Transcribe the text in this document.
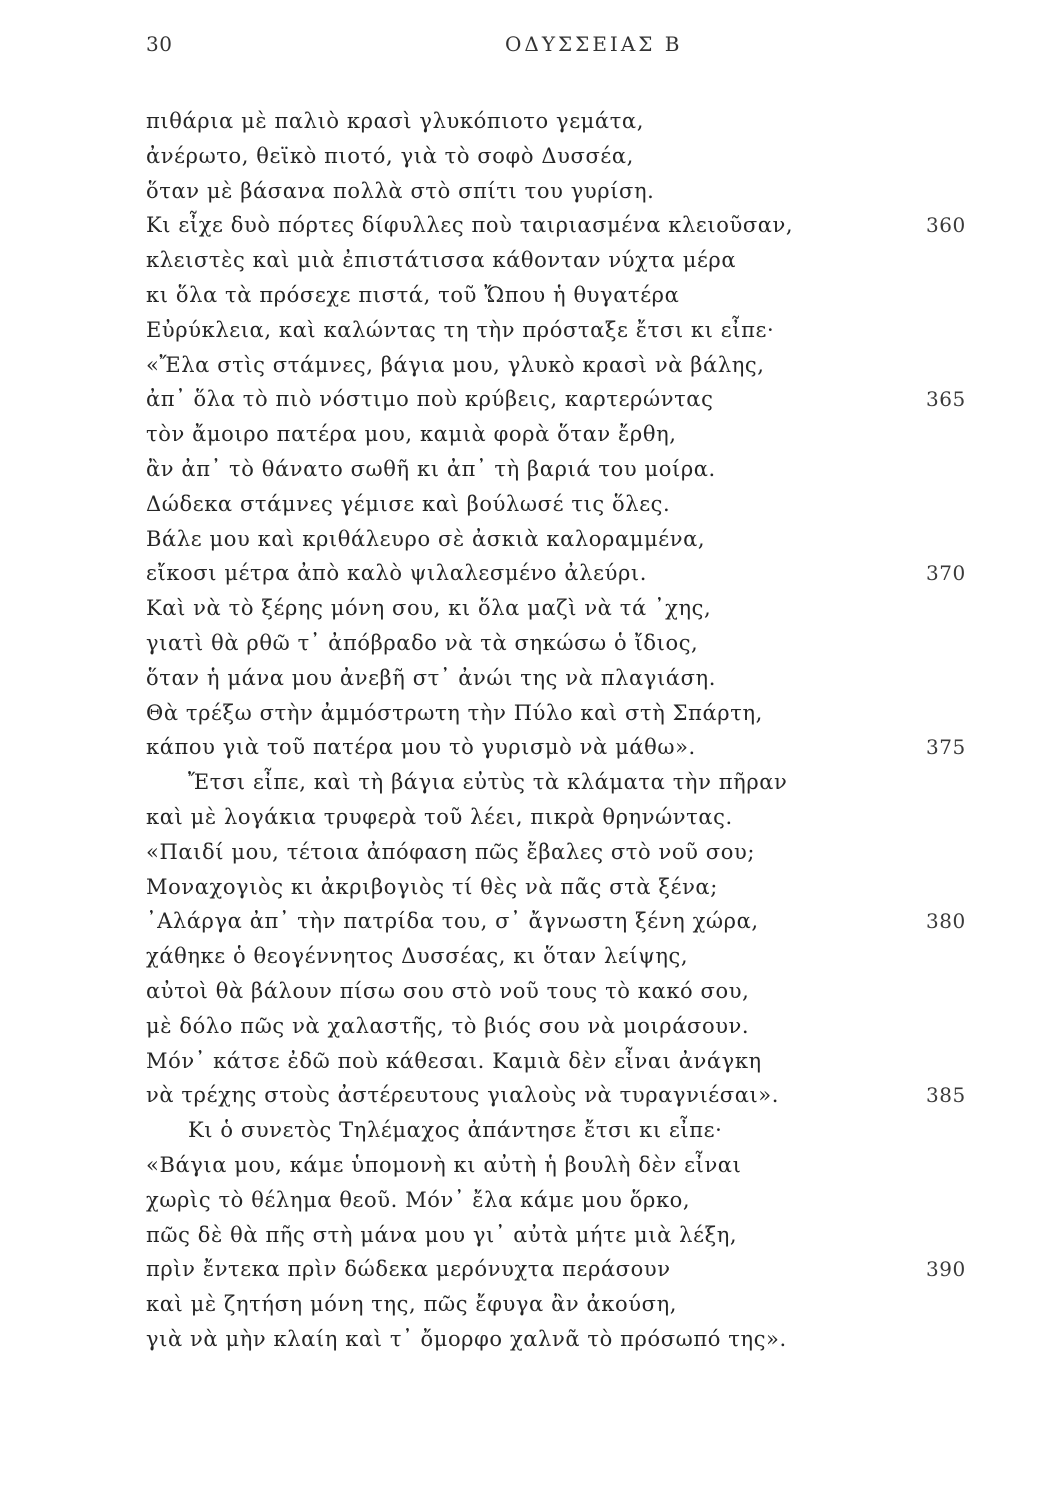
30	ΟΔΥΣΣΕΙΑΣ Β
πιθάρια μὲ παλιὸ κρασὶ γλυκόπιοτο γεμάτα,
ἀνέρωτο, θεϊκὸ πιοτό, γιὰ τὸ σοφὸ Δυσσέα,
ὅταν μὲ βάσανα πολλὰ στὸ σπίτι του γυρίση.
Κι εἶχε δυὸ πόρτες δίφυλλες ποὺ ταιριασμένα κλειοῦσαν,	360
κλειστὲς καὶ μιὰ ἐπιστάτισσα κάθονταν νύχτα μέρα
κι ὅλα τὰ πρόσεχε πιστά, τοῦ Ὤπου ἡ θυγατέρα
Εὐρύκλεια, καὶ καλώντας τη τὴν πρόσταξε ἔτσι κι εἶπε·
«Ἔλα στὶς στάμνες, βάγια μου, γλυκὸ κρασὶ νὰ βάλης,
ἀπ᾽ ὅλα τὸ πιὸ νόστιμο ποὺ κρύβεις, καρτερώντας	365
τὸν ἄμοιρο πατέρα μου, καμιὰ φορὰ ὅταν ἔρθη,
ἂν ἀπ᾽ τὸ θάνατο σωθῆ κι ἀπ᾽ τὴ βαριά του μοίρα.
Δώδεκα στάμνες γέμισε καὶ βούλωσέ τις ὅλες.
Βάλε μου καὶ κριθάλευρο σὲ ἀσκιὰ καλοραμμένα,
εἴκοσι μέτρα ἀπὸ καλὸ ψιλαλεσμένο ἀλεύρι.	370
Καὶ νὰ τὸ ξέρης μόνη σου, κι ὅλα μαζὶ νὰ τά ᾽χης,
γιατὶ θὰ ρθῶ τ᾽ ἀπόβραδο νὰ τὰ σηκώσω ὁ ἴδιος,
ὅταν ἡ μάνα μου ἀνεβῆ στ᾽ ἀνώι της νὰ πλαγιάση.
Θὰ τρέξω στὴν ἀμμόστρωτη τὴν Πύλο καὶ στὴ Σπάρτη,
κάπου γιὰ τοῦ πατέρα μου τὸ γυρισμὸ νὰ μάθω».	375
Ἔτσι εἶπε, καὶ τὴ βάγια εὐτὺς τὰ κλάματα τὴν πῆραν
καὶ μὲ λογάκια τρυφερὰ τοῦ λέει, πικρὰ θρηνώντας.
«Παιδί μου, τέτοια ἀπόφαση πῶς ἔβαλες στὸ νοῦ σου;
Μοναχογιὸς κι ἀκριβογιὸς τί θὲς νὰ πᾶς στὰ ξένα;
᾽Αλάργα ἀπ᾽ τὴν πατρίδα του, σ᾽ ἄγνωστη ξένη χώρα,	380
χάθηκε ὁ θεογέννητος Δυσσέας, κι ὅταν λείψης,
αὐτοὶ θὰ βάλουν πίσω σου στὸ νοῦ τους τὸ κακό σου,
μὲ δόλο πῶς νὰ χαλαστῆς, τὸ βιός σου νὰ μοιράσουν.
Μόν᾽ κάτσε ἐδῶ ποὺ κάθεσαι. Καμιὰ δὲν εἶναι ἀνάγκη
νὰ τρέχης στοὺς ἀστέρευτους γιαλοὺς νὰ τυραγνιέσαι».	385
Κι ὁ συνετὸς Τηλέμαχος ἀπάντησε ἔτσι κι εἶπε·
«Βάγια μου, κάμε ὑπομονὴ κι αὐτὴ ἡ βουλὴ δὲν εἶναι
χωρὶς τὸ θέλημα θεοῦ. Μόν᾽ ἔλα κάμε μου ὅρκο,
πῶς δὲ θὰ πῆς στὴ μάνα μου γι᾽ αὐτὰ μήτε μιὰ λέξη,
πρὶν ἔντεκα πρὶν δώδεκα μερόνυχτα περάσουν	390
καὶ μὲ ζητήση μόνη της, πῶς ἔφυγα ἂν ἀκούση,
γιὰ νὰ μὴν κλαίη καὶ τ᾽ ὄμορφο χαλνᾶ τὸ πρόσωπό της».
